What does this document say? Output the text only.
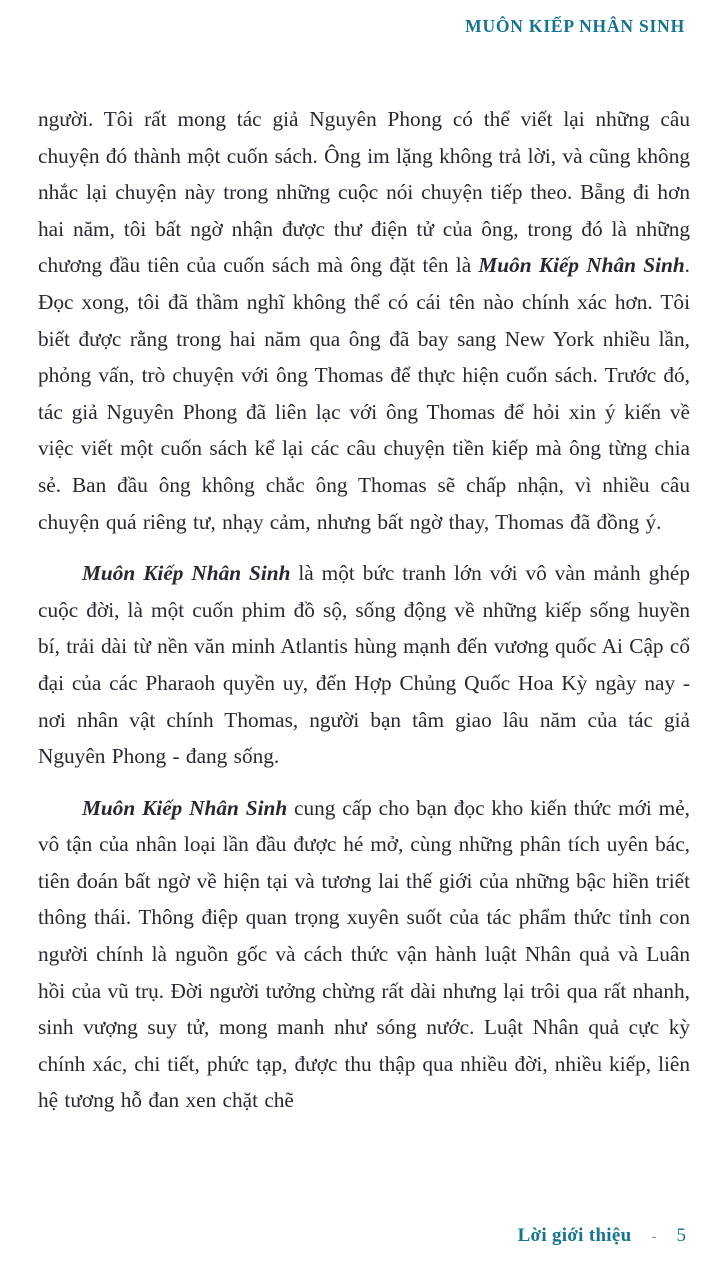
MUÔN KIẾP NHÂN SINH

người. Tôi rất mong tác giả Nguyên Phong có thể viết lại những câu chuyện đó thành một cuốn sách. Ông im lặng không trả lời, và cũng không nhắc lại chuyện này trong những cuộc nói chuyện tiếp theo. Bẵng đi hơn hai năm, tôi bất ngờ nhận được thư điện tử của ông, trong đó là những chương đầu tiên của cuốn sách mà ông đặt tên là Muôn Kiếp Nhân Sinh. Đọc xong, tôi đã thầm nghĩ không thể có cái tên nào chính xác hơn. Tôi biết được rằng trong hai năm qua ông đã bay sang New York nhiều lần, phỏng vấn, trò chuyện với ông Thomas để thực hiện cuốn sách. Trước đó, tác giả Nguyên Phong đã liên lạc với ông Thomas để hỏi xin ý kiến về việc viết một cuốn sách kể lại các câu chuyện tiền kiếp mà ông từng chia sẻ. Ban đầu ông không chắc ông Thomas sẽ chấp nhận, vì nhiều câu chuyện quá riêng tư, nhạy cảm, nhưng bất ngờ thay, Thomas đã đồng ý.

Muôn Kiếp Nhân Sinh là một bức tranh lớn với vô vàn mảnh ghép cuộc đời, là một cuốn phim đồ sộ, sống động về những kiếp sống huyền bí, trải dài từ nền văn minh Atlantis hùng mạnh đến vương quốc Ai Cập cổ đại của các Pharaoh quyền uy, đến Hợp Chủng Quốc Hoa Kỳ ngày nay - nơi nhân vật chính Thomas, người bạn tâm giao lâu năm của tác giả Nguyên Phong - đang sống.

Muôn Kiếp Nhân Sinh cung cấp cho bạn đọc kho kiến thức mới mẻ, vô tận của nhân loại lần đầu được hé mở, cùng những phân tích uyên bác, tiên đoán bất ngờ về hiện tại và tương lai thế giới của những bậc hiền triết thông thái. Thông điệp quan trọng xuyên suốt của tác phẩm thức tỉnh con người chính là nguồn gốc và cách thức vận hành luật Nhân quả và Luân hồi của vũ trụ. Đời người tưởng chừng rất dài nhưng lại trôi qua rất nhanh, sinh vượng suy tử, mong manh như sóng nước. Luật Nhân quả cực kỳ chính xác, chi tiết, phức tạp, được thu thập qua nhiều đời, nhiều kiếp, liên hệ tương hỗ đan xen chặt chẽ

Lời giới thiệu - 5
